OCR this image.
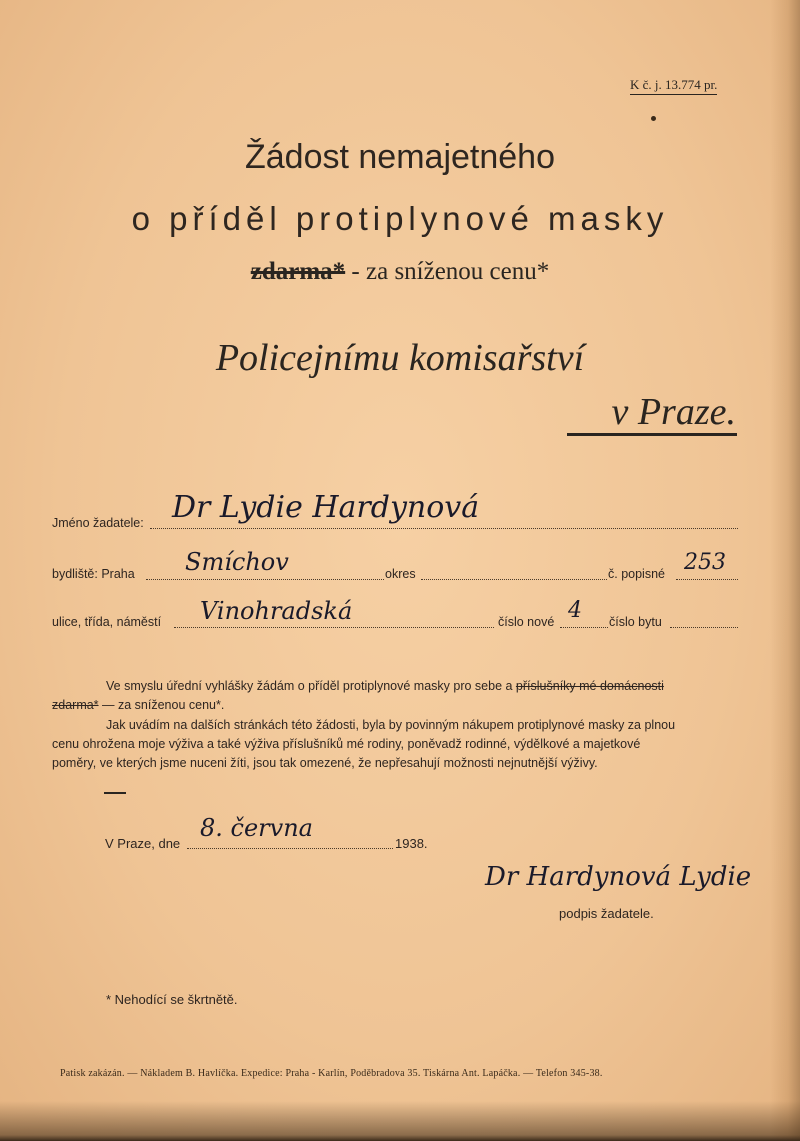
K č. j. 13.774 pr.
Žádost nemajetného
o příděl protiplynové masky
zdarma* - za sníženou cenu*
Policejnímu komisařství
v Praze.
Jméno žadatele: Dr Lydie Hardynová
bydliště: Praha Smíchov	okres	č. popisné 253
ulice, třída, náměstí Vinohradská	číslo nové 4 číslo bytu
Ve smyslu úřední vyhlášky žádám o příděl protiplynové masky pro sebe a příslušníky mé domácnosti
zdarma* — za sníženou cenu*.
Jak uvádím na dalších stránkách této žádosti, byla by povinným nákupem protiplynové masky za plnou
cenu ohrožena moje výživa a také výživa příslušníků mé rodiny, poněvadž rodinné, výdělkové a majetkové
poměry, ve kterých jsme nuceni žíti, jsou tak omezené, že nepřesahují možnosti nejnutnější výživy.
V Praze, dne
8. června
1938.
Dr Hardynová Lydie
podpis žadatele.
* Nehodící se škrtnětě.
Patisk zakázán. — Nákladem B. Havlíčka. Expedice: Praha - Karlín, Poděbradova 35. Tiskárna Ant. Lapáčka. — Telefon 345-38.
